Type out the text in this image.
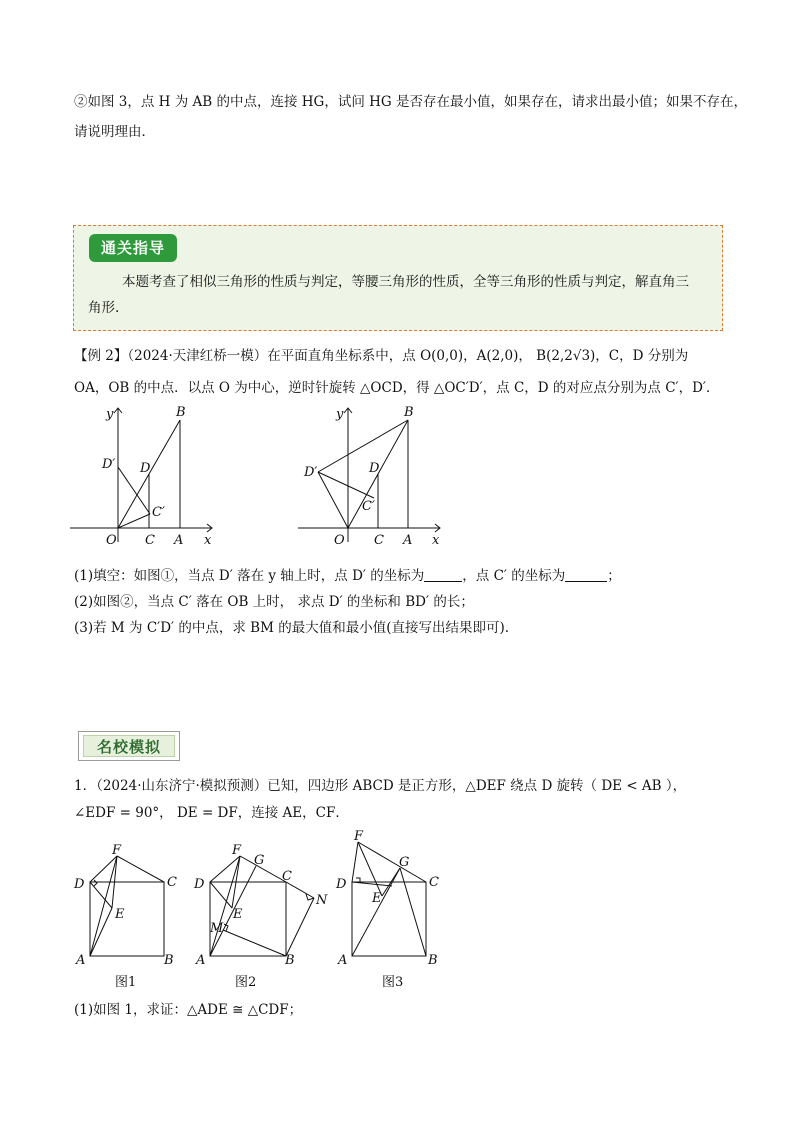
②如图 3，点 H 为 AB 的中点，连接 HG，试问 HG 是否存在最小值，如果存在，请求出最小值；如果不存在，
请说明理由．
通关指导
本题考查了相似三角形的性质与判定，等腰三角形的性质，全等三角形的性质与判定，解直角三
角形.
【例 2】（2024·天津红桥一模）在平面直角坐标系中，点 O(0,0)，A(2,0)， B(2,2√3)，C，D 分别为
OA，OB 的中点．以点 O 为中心，逆时针旋转 △OCD，得 △OC′D′，点 C，D 的对应点分别为点 C′，D′．
y
x
O C A
B
D
D′
C′
y
x
O C A
B
D
D′
C′
(1)填空：如图①，当点 D′ 落在 y 轴上时，点 D′ 的坐标为	，点 C′ 的坐标为	；
(2)如图②，当点 C′ 落在 OB 上时， 求点 D′ 的坐标和 BD′ 的长；
(3)若 M 为 C′D′ 的中点，求 BM 的最大值和最小值(直接写出结果即可).
名校模拟
1．（2024·山东济宁·模拟预测）已知，四边形 ABCD 是正方形，△DEF 绕点 D 旋转（ DE < AB ），
∠EDF = 90°， DE = DF，连接 AE，CF．
D	C
F
E
A	B
图1
D
F
G
C
N
E
M
A	B
图2
D
F
G
C
E
A	B
图3
(1)如图 1，求证：△ADE ≅ △CDF；
